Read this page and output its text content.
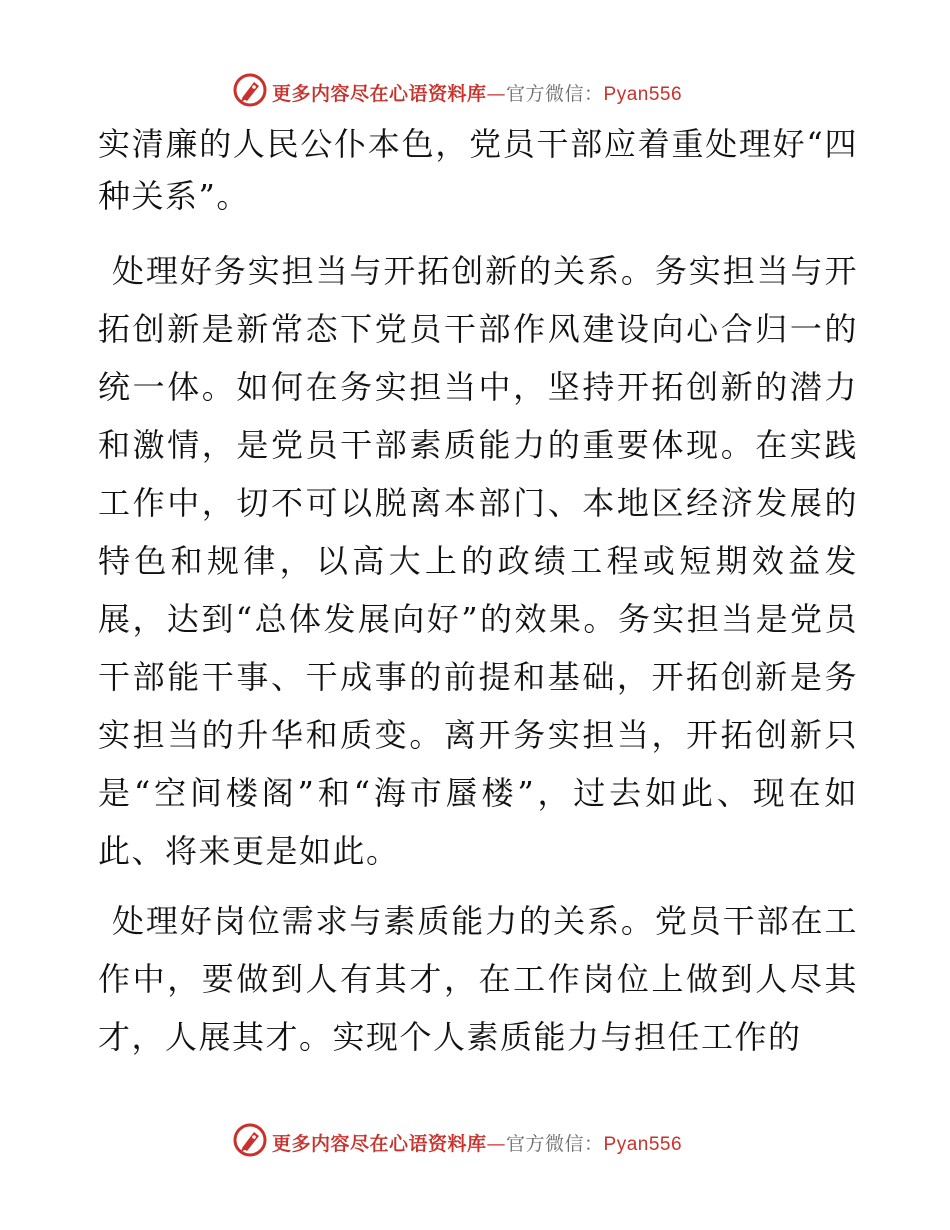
更多内容尽在心语资料库—官方微信：Pyan556

实清廉的人民公仆本色，党员干部应着重处理好“四种关系”。

处理好务实担当与开拓创新的关系。务实担当与开拓创新是新常态下党员干部作风建设向心合归一的统一体。如何在务实担当中，坚持开拓创新的潜力和激情，是党员干部素质能力的重要体现。在实践工作中，切不可以脱离本部门、本地区经济发展的特色和规律，以高大上的政绩工程或短期效益发展，达到“总体发展向好”的效果。务实担当是党员干部能干事、干成事的前提和基础，开拓创新是务实担当的升华和质变。离开务实担当，开拓创新只是“空间楼阁”和“海市蜃楼”，过去如此、现在如此、将来更是如此。

处理好岗位需求与素质能力的关系。党员干部在工作中，要做到人有其才，在工作岗位上做到人尽其才，人展其才。实现个人素质能力与担任工作的

更多内容尽在心语资料库—官方微信：Pyan556
